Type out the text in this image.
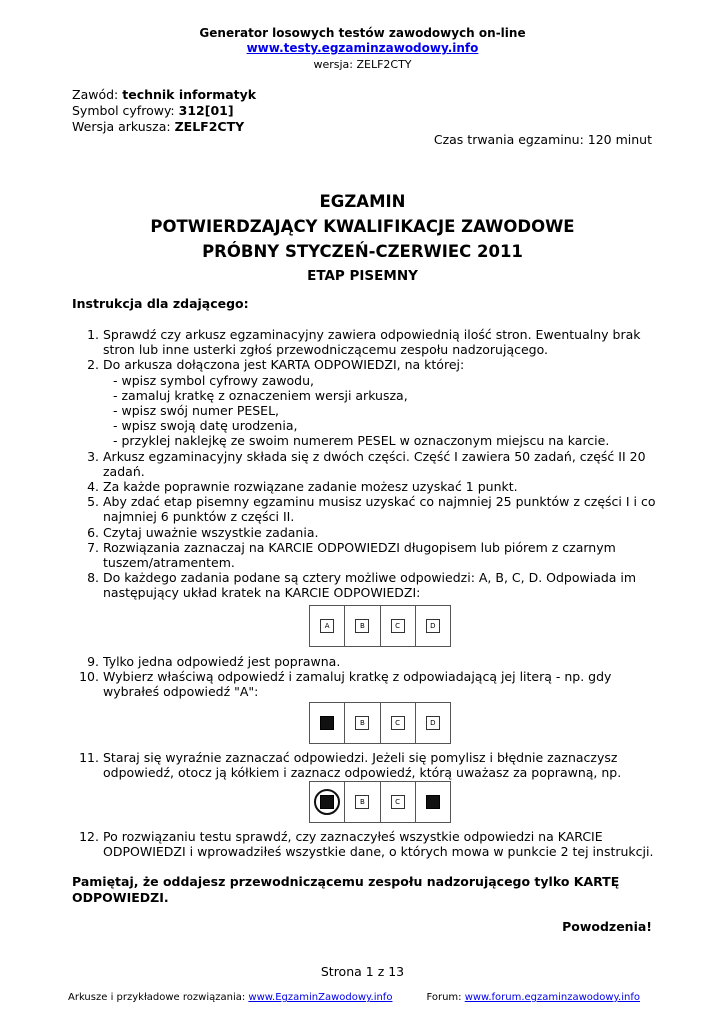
Generator losowych testów zawodowych on-line
www.testy.egzaminzawodowy.info
wersja: ZELF2CTY
Zawód: technik informatyk
Symbol cyfrowy: 312[01]
Wersja arkusza: ZELF2CTY
Czas trwania egzaminu: 120 minut
EGZAMIN
POTWIERDZAJĄCY KWALIFIKACJE ZAWODOWE
PRÓBNY STYCZEŃ-CZERWIEC 2011
ETAP PISEMNY
Instrukcja dla zdającego:
1. Sprawdź czy arkusz egzaminacyjny zawiera odpowiednią ilość stron. Ewentualny brak stron lub inne usterki zgłoś przewodniczącemu zespołu nadzorującego.
2. Do arkusza dołączona jest KARTA ODPOWIEDZI, na której:
- wpisz symbol cyfrowy zawodu,
- zamaluj kratkę z oznaczeniem wersji arkusza,
- wpisz swój numer PESEL,
- wpisz swoją datę urodzenia,
- przyklej naklejkę ze swoim numerem PESEL w oznaczonym miejscu na karcie.
3. Arkusz egzaminacyjny składa się z dwóch części. Część I zawiera 50 zadań, część II 20 zadań.
4. Za każde poprawnie rozwiązane zadanie możesz uzyskać 1 punkt.
5. Aby zdać etap pisemny egzaminu musisz uzyskać co najmniej 25 punktów z części I i co najmniej 6 punktów z części II.
6. Czytaj uważnie wszystkie zadania.
7. Rozwiązania zaznaczaj na KARCIE ODPOWIEDZI długopisem lub piórem z czarnym tuszem/atramentem.
8. Do każdego zadania podane są cztery możliwe odpowiedzi: A, B, C, D. Odpowiada im następujący układ kratek na KARCIE ODPOWIEDZI:
A	B	C	D
9. Tylko jedna odpowiedź jest poprawna.
10. Wybierz właściwą odpowiedź i zamaluj kratkę z odpowiadającą jej literą - np. gdy wybrałeś odpowiedź "A":
B	C	D
11. Staraj się wyraźnie zaznaczać odpowiedzi. Jeżeli się pomylisz i błędnie zaznaczysz odpowiedź, otocz ją kółkiem i zaznacz odpowiedź, którą uważasz za poprawną, np.
B	C
12. Po rozwiązaniu testu sprawdź, czy zaznaczyłeś wszystkie odpowiedzi na KARCIE ODPOWIEDZI i wprowadziłeś wszystkie dane, o których mowa w punkcie 2 tej instrukcji.
Pamiętaj, że oddajesz przewodniczącemu zespołu nadzorującego tylko KARTĘ ODPOWIEDZI.
Powodzenia!
Strona 1 z 13
Arkusze i przykładowe rozwiązania: www.EgzaminZawodowy.info	Forum: www.forum.egzaminzawodowy.info
